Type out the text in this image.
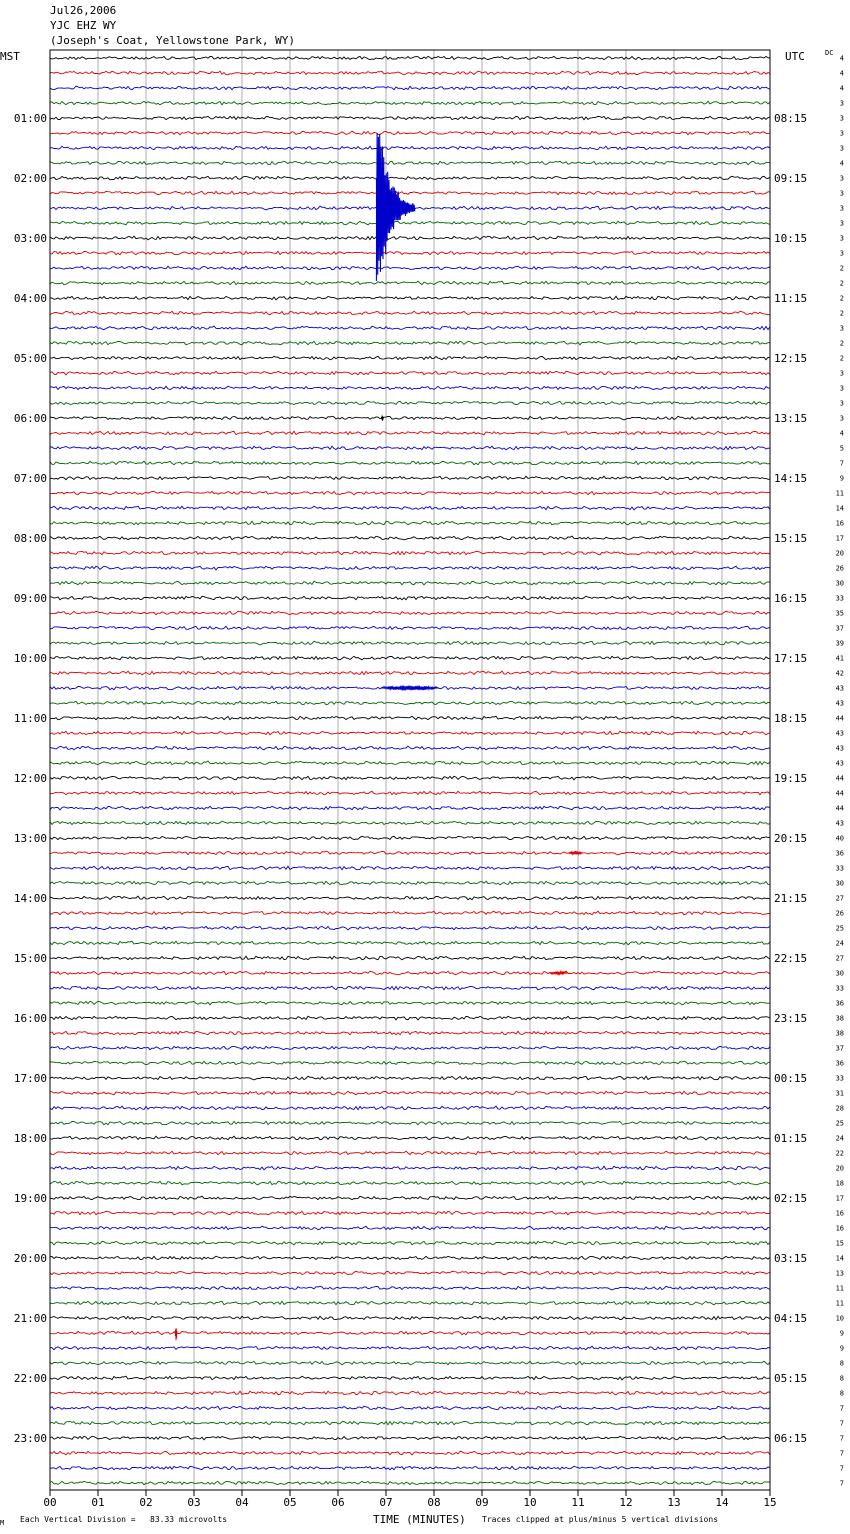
Jul26,2006
YJC EHZ WY
(Joseph's Coat, Yellowstone Park, WY)
00	01	02	03	04	05	06	07	08	09	10	11	12	13	14	15
01:00
02:00
03:00
04:00
05:00
06:00
07:00
08:00
09:00
10:00
11:00
12:00
13:00
14:00
15:00
16:00
17:00
18:00
19:00
20:00
21:00
22:00
23:00
08:15
09:15
10:15
11:15
12:15
13:15
14:15
15:15
16:15
17:15
18:15
19:15
20:15
21:15
22:15
23:15
00:15
01:15
02:15
03:15
04:15
05:15
06:15
4
4
4
3
3
3
3
4
3
3
3
3
3
3
2
2
2
2
3
2
2
3
3
3
3
4
5
7
9
11
14
16
17
20
26
30
33
35
37
39
41
42
43
43
44
43
43
43
44
44
44
43
40
36
33
30
27
26
25
24
27
30
33
36
38
38
37
36
33
31
28
25
24
22
20
18
17
16
16
15
14
13
11
11
10
9
9
8
8
8
7
7
7
7
7
7
MST	UTC	DC
M Each Vertical Division =   83.33 microvolts	TIME (MINUTES) Traces clipped at plus/minus 5 vertical divisions
